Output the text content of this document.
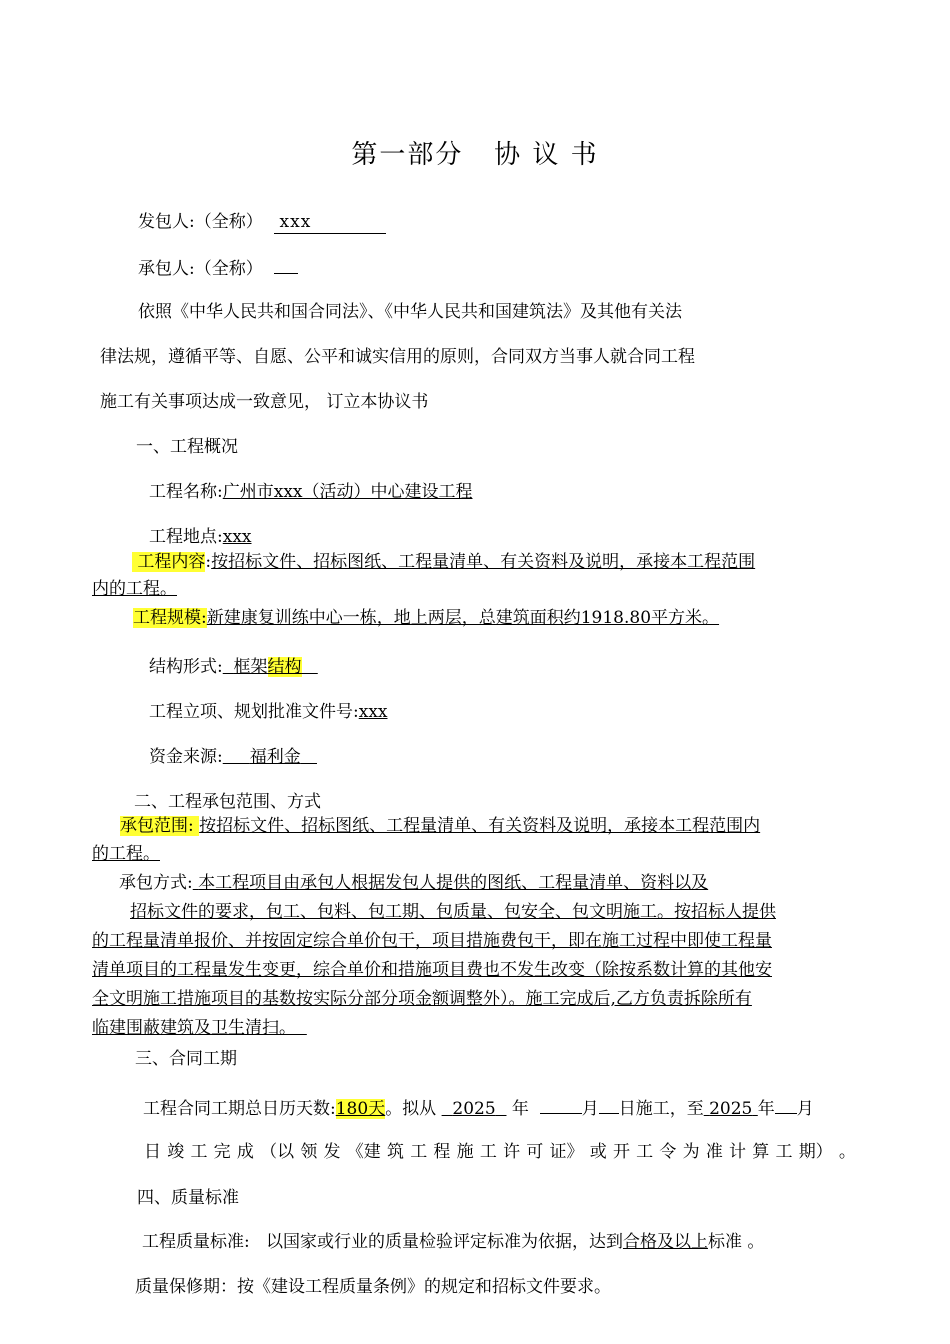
第一部分   协 议 书
发包人:（全称） xxx
承包人:（全称）
依照《中华人民共和国合同法》、《中华人民共和国建筑法》及其他有关法
律法规，遵循平等、自愿、公平和诚实信用的原则，合同双方当事人就合同工程
施工有关事项达成一致意见， 订立本协议书
一、工程概况
工程名称:广州市xxx（活动）中心建设工程
工程地点:xxx
工程内容:按招标文件、招标图纸、工程量清单、有关资料及说明，承接本工程范围
内的工程。
工程规模:新建康复训练中心一栋，地上两层，总建筑面积约1918.80平方米。
结构形式: 框架结构
工程立项、规划批准文件号:xxx
资金来源: 福利金
二、工程承包范围、方式
承包范围: 按招标文件、招标图纸、工程量清单、有关资料及说明，承接本工程范围内
的工程。
承包方式: 本工程项目由承包人根据发包人提供的图纸、工程量清单、资料以及
招标文件的要求，包工、包料、包工期、包质量、包安全、包文明施工。按招标人提供
的工程量清单报价、并按固定综合单价包干，项目措施费包干，即在施工过程中即使工程量
清单项目的工程量发生变更，综合单价和措施项目费也不发生改变（除按系数计算的其他安
全文明施工措施项目的基数按实际分部分项金额调整外）。施工完成后,乙方负责拆除所有
临建围蔽建筑及卫生清扫。
三、合同工期
工程合同工期总日历天数:180天。拟从 2025 年	月 日施工，至 2025 年 月
日 竣 工 完 成 （以 领 发 《建 筑 工 程 施 工 许 可 证》 或 开 工 令 为 准 计 算 工 期） 。
四、质量标准
工程质量标准: 以国家或行业的质量检验评定标准为依据，达到合格及以上标准 。
质量保修期：按《建设工程质量条例》的规定和招标文件要求。
